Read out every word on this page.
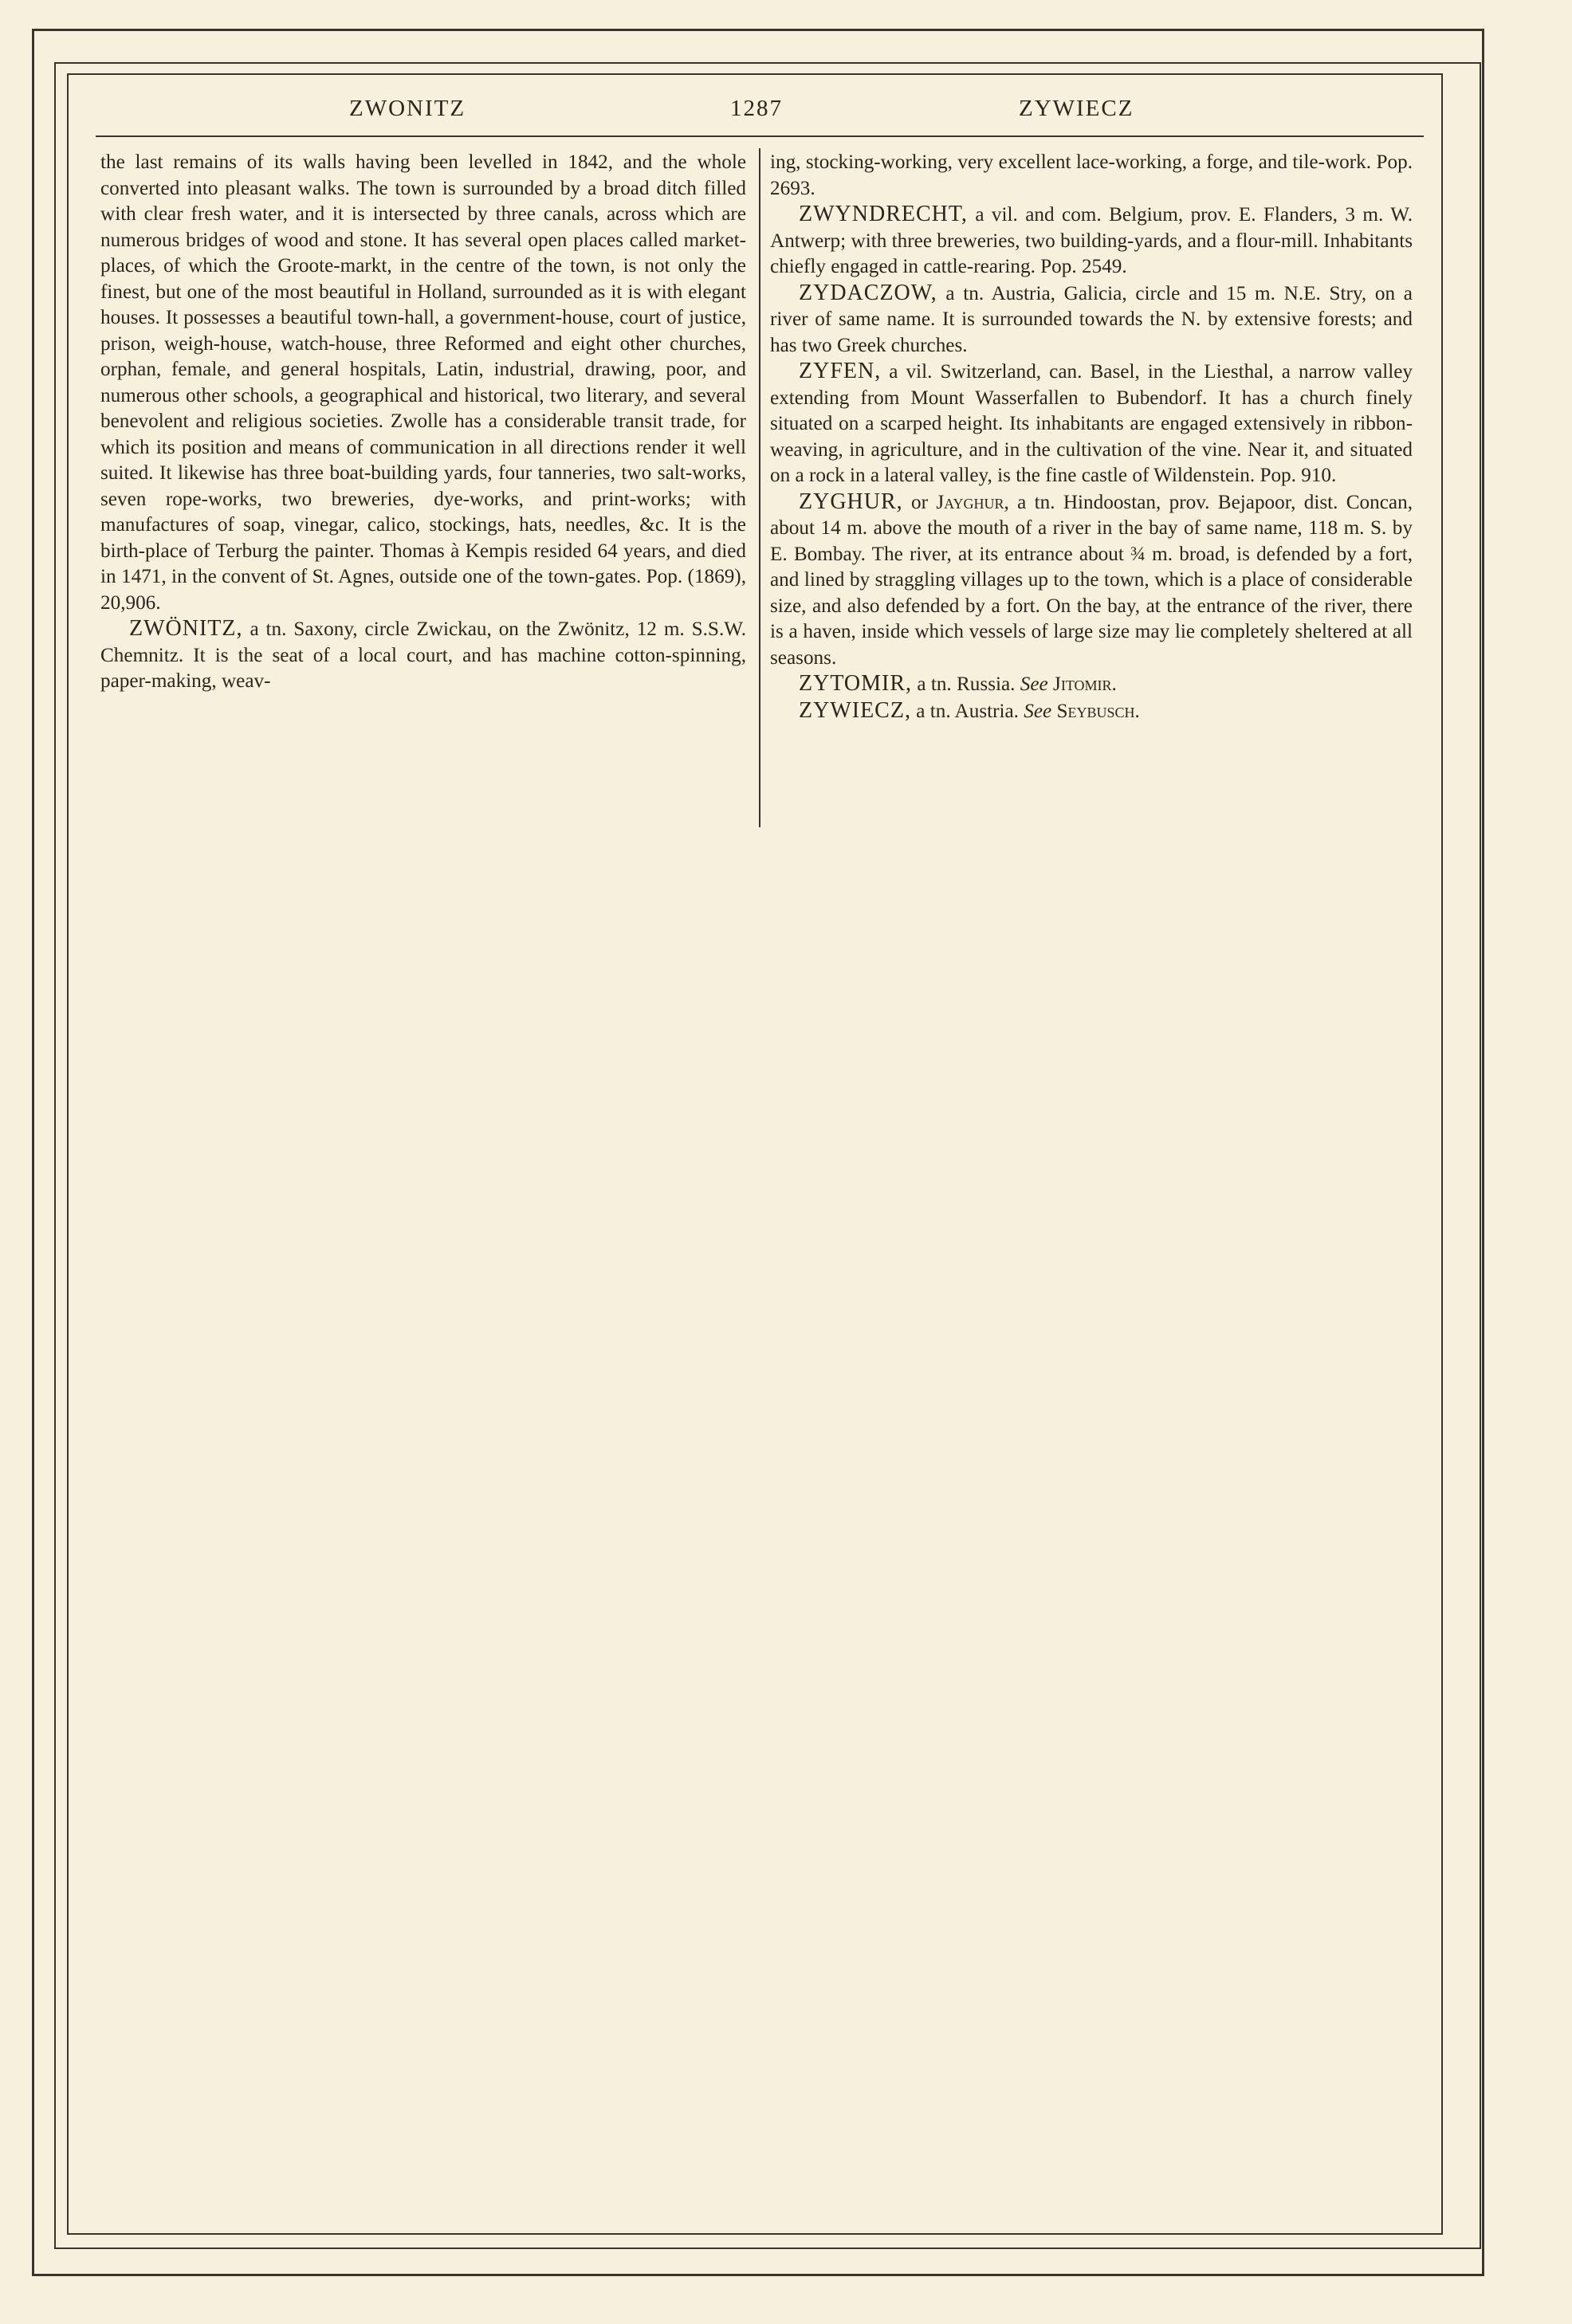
ZWONITZ	1287	ZYWIECZ

the last remains of its walls having been levelled in 1842, and the whole converted into pleasant walks. The town is surrounded by a broad ditch filled with clear fresh water, and it is intersected by three canals, across which are numerous bridges of wood and stone. It has several open places called market-places, of which the Groote-markt, in the centre of the town, is not only the finest, but one of the most beautiful in Holland, surrounded as it is with elegant houses. It possesses a beautiful town-hall, a government-house, court of justice, prison, weigh-house, watch-house, three Reformed and eight other churches, orphan, female, and general hospitals, Latin, industrial, drawing, poor, and numerous other schools, a geographical and historical, two literary, and several benevolent and religious societies. Zwolle has a considerable transit trade, for which its position and means of communication in all directions render it well suited. It likewise has three boat-building yards, four tanneries, two salt-works, seven rope-works, two breweries, dye-works, and print-works; with manufactures of soap, vinegar, calico, stockings, hats, needles, &c. It is the birth-place of Terburg the painter. Thomas à Kempis resided 64 years, and died in 1471, in the convent of St. Agnes, outside one of the town-gates. Pop. (1869), 20,906.

ZWÖNITZ, a tn. Saxony, circle Zwickau, on the Zwönitz, 12 m. S.S.W. Chemnitz. It is the seat of a local court, and has machine cotton-spinning, paper-making, weav-

ing, stocking-working, very excellent lace-working, a forge, and tile-work. Pop. 2693.

ZWYNDRECHT, a vil. and com. Belgium, prov. E. Flanders, 3 m. W. Antwerp; with three breweries, two building-yards, and a flour-mill. Inhabitants chiefly engaged in cattle-rearing. Pop. 2549.

ZYDACZOW, a tn. Austria, Galicia, circle and 15 m. N.E. Stry, on a river of same name. It is surrounded towards the N. by extensive forests; and has two Greek churches.

ZYFEN, a vil. Switzerland, can. Basel, in the Liesthal, a narrow valley extending from Mount Wasserfallen to Bubendorf. It has a church finely situated on a scarped height. Its inhabitants are engaged extensively in ribbon-weaving, in agriculture, and in the cultivation of the vine. Near it, and situated on a rock in a lateral valley, is the fine castle of Wildenstein. Pop. 910.

ZYGHUR, or Jayghur, a tn. Hindoostan, prov. Bejapoor, dist. Concan, about 14 m. above the mouth of a river in the bay of same name, 118 m. S. by E. Bombay. The river, at its entrance about ¾ m. broad, is defended by a fort, and lined by straggling villages up to the town, which is a place of considerable size, and also defended by a fort. On the bay, at the entrance of the river, there is a haven, inside which vessels of large size may lie completely sheltered at all seasons.

ZYTOMIR, a tn. Russia. See Jitomir.

ZYWIECZ, a tn. Austria. See Seybusch.
